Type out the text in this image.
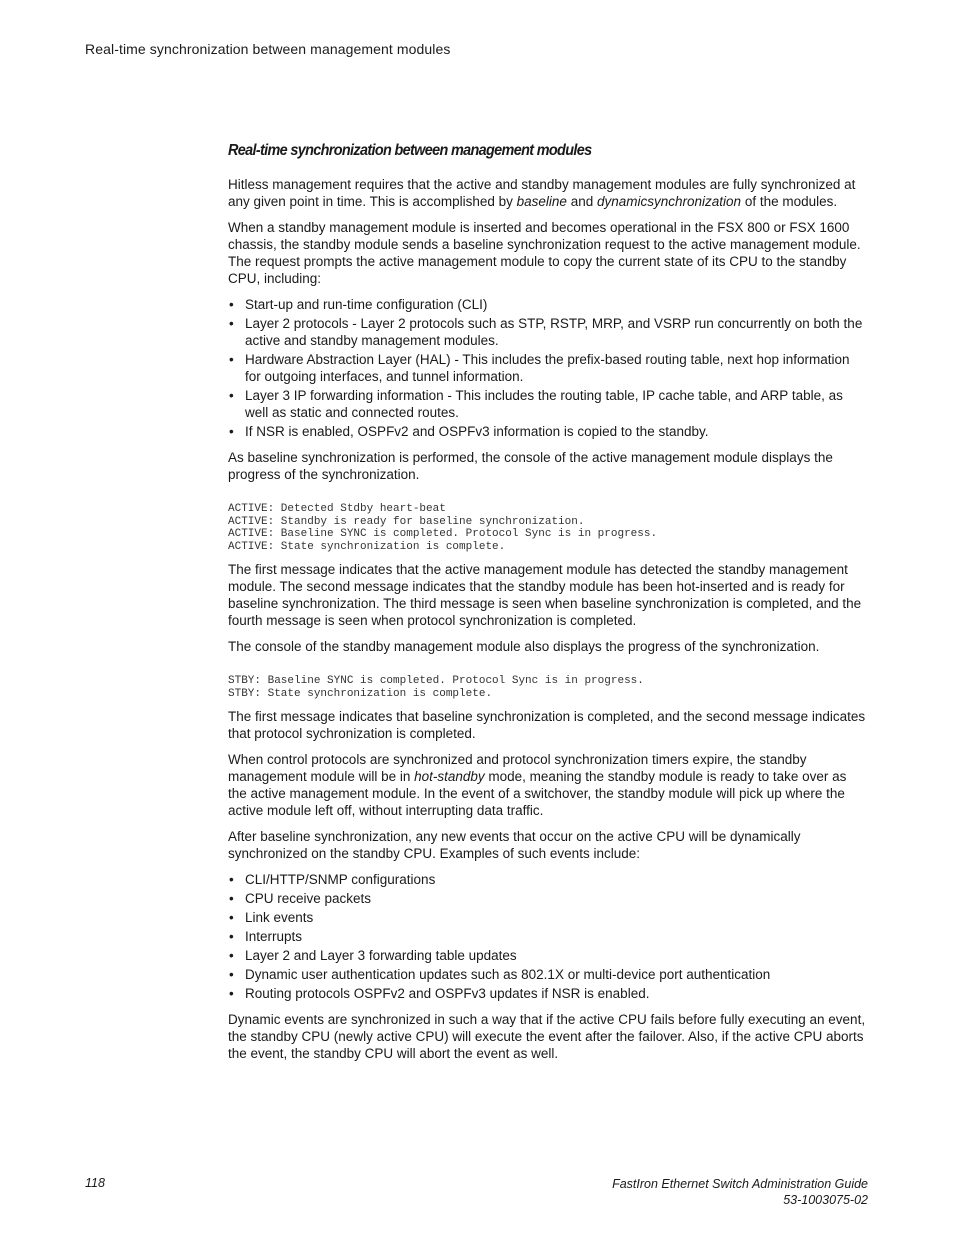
Real-time synchronization between management modules
Real-time synchronization between management modules

Hitless management requires that the active and standby management modules are fully synchronized at any given point in time. This is accomplished by baseline and dynamicsynchronization of the modules.

When a standby management module is inserted and becomes operational in the FSX 800 or FSX 1600 chassis, the standby module sends a baseline synchronization request to the active management module. The request prompts the active management module to copy the current state of its CPU to the standby CPU, including:

• Start-up and run-time configuration (CLI)
• Layer 2 protocols - Layer 2 protocols such as STP, RSTP, MRP, and VSRP run concurrently on both the active and standby management modules.
• Hardware Abstraction Layer (HAL) - This includes the prefix-based routing table, next hop information for outgoing interfaces, and tunnel information.
• Layer 3 IP forwarding information - This includes the routing table, IP cache table, and ARP table, as well as static and connected routes.
• If NSR is enabled, OSPFv2 and OSPFv3 information is copied to the standby.

As baseline synchronization is performed, the console of the active management module displays the progress of the synchronization.

ACTIVE: Detected Stdby heart-beat
ACTIVE: Standby is ready for baseline synchronization.
ACTIVE: Baseline SYNC is completed. Protocol Sync is in progress.
ACTIVE: State synchronization is complete.

The first message indicates that the active management module has detected the standby management module. The second message indicates that the standby module has been hot-inserted and is ready for baseline synchronization. The third message is seen when baseline synchronization is completed, and the fourth message is seen when protocol synchronization is completed.

The console of the standby management module also displays the progress of the synchronization.

STBY: Baseline SYNC is completed. Protocol Sync is in progress.
STBY: State synchronization is complete.

The first message indicates that baseline synchronization is completed, and the second message indicates that protocol sychronization is completed.

When control protocols are synchronized and protocol synchronization timers expire, the standby management module will be in hot-standby mode, meaning the standby module is ready to take over as the active management module. In the event of a switchover, the standby module will pick up where the active module left off, without interrupting data traffic.

After baseline synchronization, any new events that occur on the active CPU will be dynamically synchronized on the standby CPU. Examples of such events include:

• CLI/HTTP/SNMP configurations
• CPU receive packets
• Link events
• Interrupts
• Layer 2 and Layer 3 forwarding table updates
• Dynamic user authentication updates such as 802.1X or multi-device port authentication
• Routing protocols OSPFv2 and OSPFv3 updates if NSR is enabled.

Dynamic events are synchronized in such a way that if the active CPU fails before fully executing an event, the standby CPU (newly active CPU) will execute the event after the failover. Also, if the active CPU aborts the event, the standby CPU will abort the event as well.

118	FastIron Ethernet Switch Administration Guide
53-1003075-02
